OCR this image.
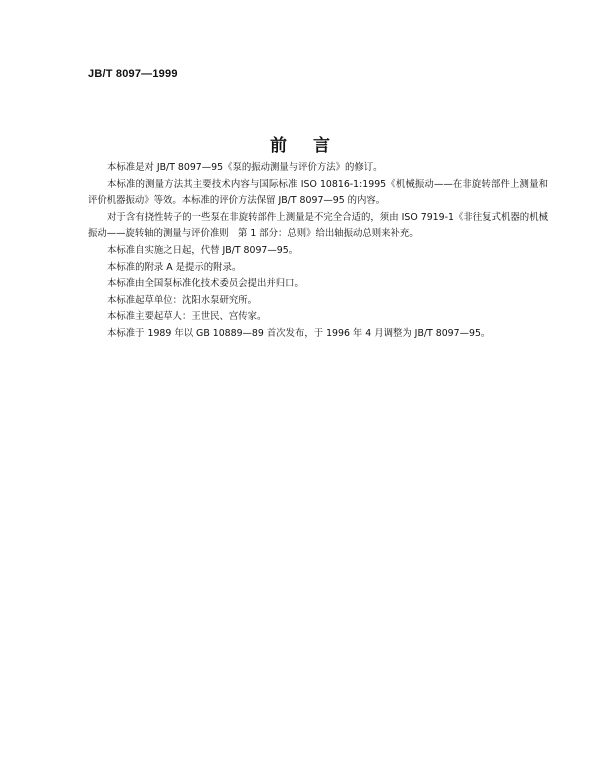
JB/T 8097—1999
前言

本标准是对 JB/T 8097—95《泵的振动测量与评价方法》的修订。

本标准的测量方法其主要技术内容与国际标准 ISO 10816-1:1995《机械振动——在非旋转部件上测量和评价机器振动》等效。本标准的评价方法保留 JB/T 8097—95 的内容。

对于含有挠性转子的一些泵在非旋转部件上测量是不完全合适的，须由 ISO 7919-1《非往复式机器的机械振动——旋转轴的测量与评价准则　第 1 部分：总则》给出轴振动总则来补充。

本标准自实施之日起，代替 JB/T 8097—95。

本标准的附录 A 是提示的附录。

本标准由全国泵标准化技术委员会提出并归口。

本标准起草单位：沈阳水泵研究所。

本标准主要起草人：王世民、宫传家。

本标准于 1989 年以 GB 10889—89 首次发布，于 1996 年 4 月调整为 JB/T 8097—95。
